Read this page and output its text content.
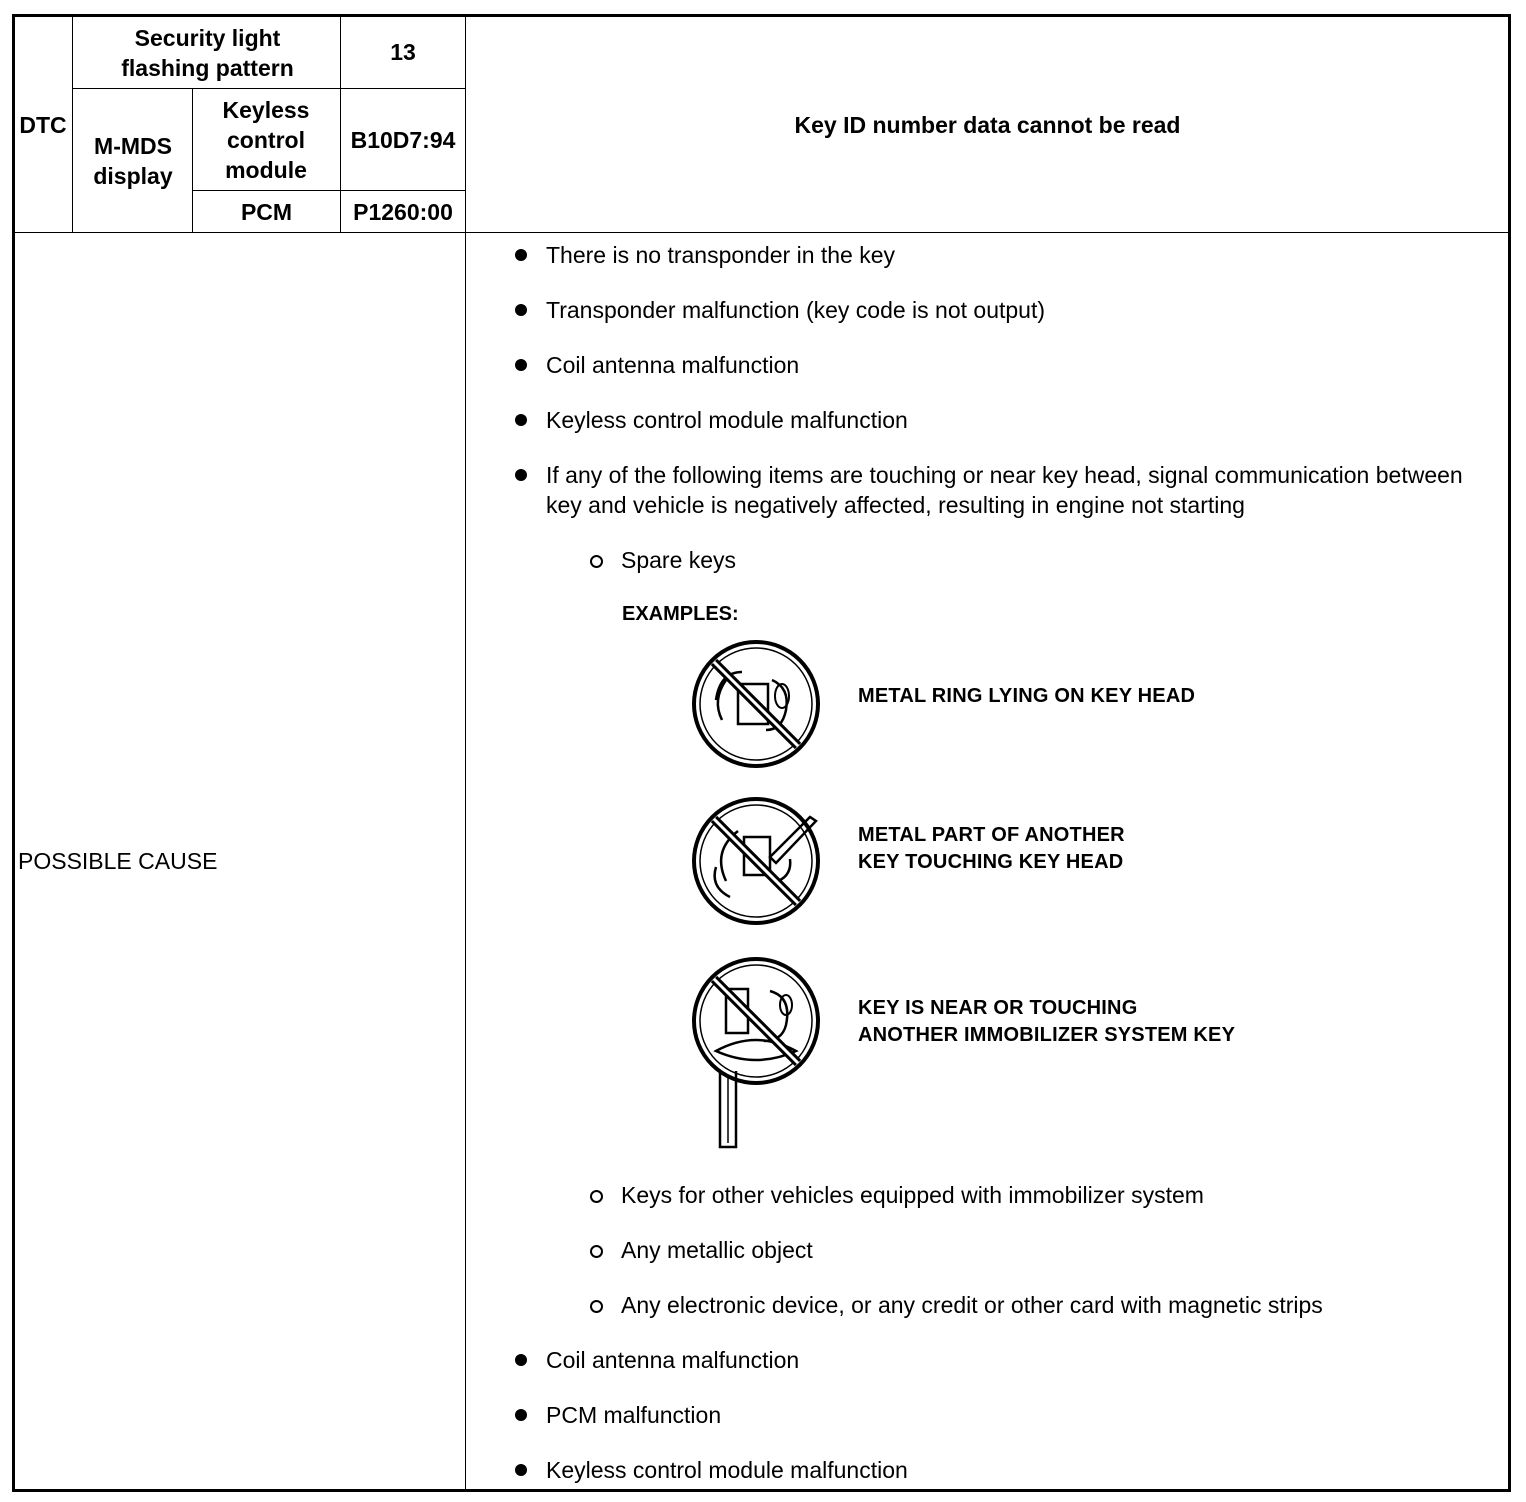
DTC
Security light flashing pattern
13
M-MDS display
Keyless control module
B10D7:94
PCM	P1260:00
Key ID number data cannot be read
POSSIBLE CAUSE
There is no transponder in the key
Transponder malfunction (key code is not output)
Coil antenna malfunction
Keyless control module malfunction
If any of the following items are touching or near key head, signal communication between key and vehicle is negatively affected, resulting in engine not starting
Spare keys
EXAMPLES:
METAL RING LYING ON KEY HEAD
METAL PART OF ANOTHER
KEY TOUCHING KEY HEAD
KEY IS NEAR OR TOUCHING
ANOTHER IMMOBILIZER SYSTEM KEY
Keys for other vehicles equipped with immobilizer system
Any metallic object
Any electronic device, or any credit or other card with magnetic strips
Coil antenna malfunction
PCM malfunction
Keyless control module malfunction
